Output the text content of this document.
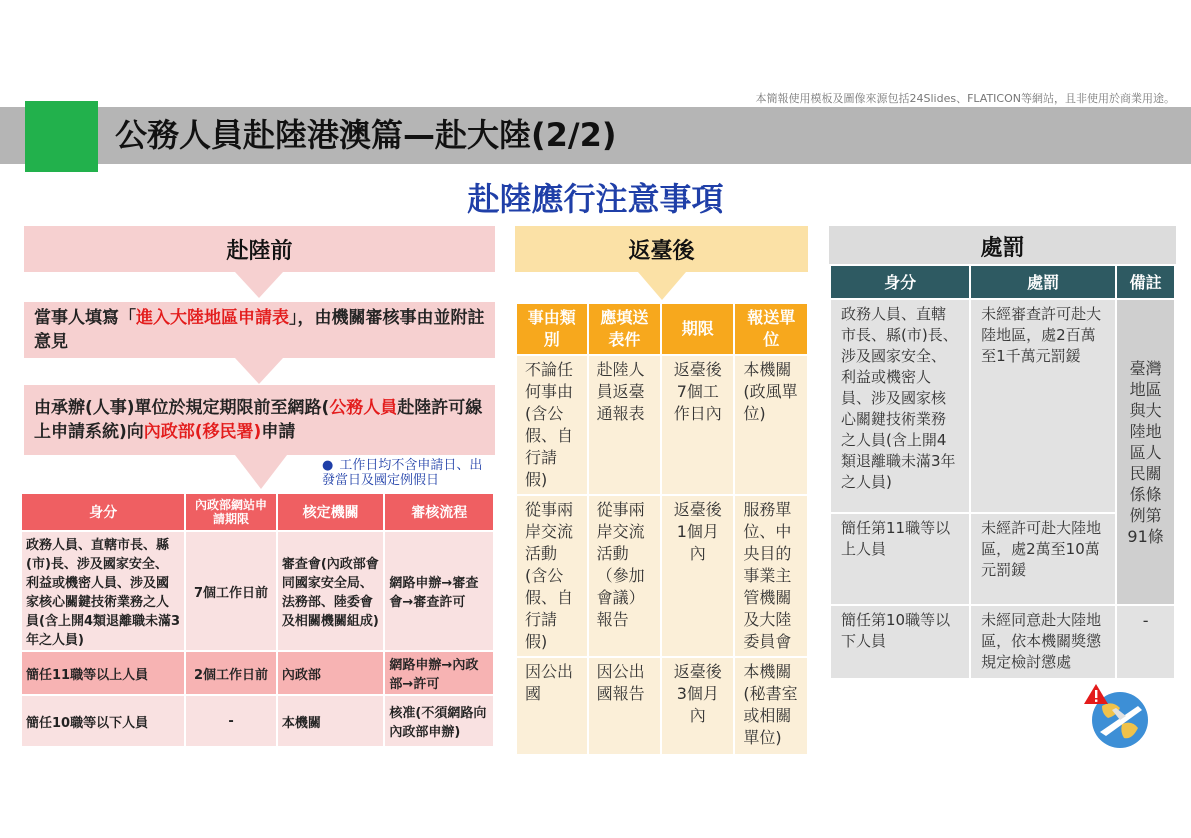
本簡報使用模板及圖像來源包括24Slides、FLATICON等網站，且非使用於商業用途。
公務人員赴陸港澳篇—赴大陸(2/2)
赴陸應行注意事項
赴陸前
當事人填寫「進入大陸地區申請表」，由機關審核事由並附註意見
由承辦(人事)單位於規定期限前至網路(公務人員赴陸許可線上申請系統)向內政部(移民署)申請
● 工作日均不含申請日、出發當日及國定例假日
身分	內政部網站申請期限	核定機關	審核流程
政務人員、直轄市長、縣(市)長、涉及國家安全、利益或機密人員、涉及國家核心關鍵技術業務之人員(含上開4類退離職未滿3年之人員)	7個工作日前	審查會(內政部會同國家安全局、法務部、陸委會及相關機關組成)	網路申辦→審查會→審查許可
簡任11職等以上人員	2個工作日前	內政部	網路申辦→內政部→許可
簡任10職等以下人員	-	本機關	核准(不須網路向內政部申辦)
返臺後
事由類別	應填送表件	期限	報送單位
不論任何事由(含公假、自行請假)	赴陸人員返臺通報表	返臺後7個工作日內	本機關(政風單位)
從事兩岸交流活動(含公假、自行請假)	從事兩岸交流活動（參加會議）報告	返臺後1個月內	服務單位、中央目的事業主管機關及大陸委員會
因公出國	因公出國報告	返臺後3個月內	本機關(秘書室或相關單位)
處罰
身分	處罰	備註
政務人員、直轄市長、縣(市)長、涉及國家安全、利益或機密人員、涉及國家核心關鍵技術業務之人員(含上開4類退離職未滿3年之人員)	未經審查許可赴大陸地區，處2百萬至1千萬元罰鍰	臺灣地區與大陸地區人民關係條例第91條
簡任第11職等以上人員	未經許可赴大陸地區，處2萬至10萬元罰鍰	
簡任第10職等以下人員	未經同意赴大陸地區，依本機關獎懲規定檢討懲處	-
